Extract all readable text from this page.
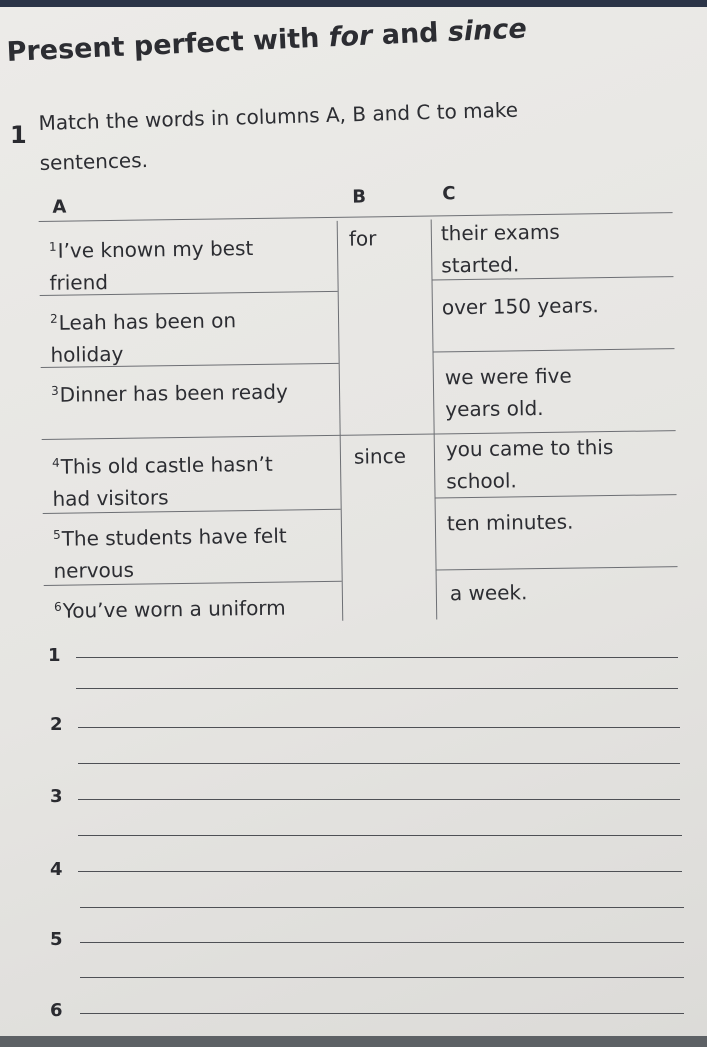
Present perfect with for and since
1
Match the words in columns A, B and C to make sentences.
A	B	C
$^1$I’ve known my best
friend
$^2$Leah has been on
holiday
$^3$Dinner has been ready
$^4$This old castle hasn’t
had visitors
$^5$The students have felt
nervous
$^6$You’ve worn a uniform
for
since
their exams
started.
over 150 years.
we were five
years old.
you came to this
school.
ten minutes.
a week.
1
2
3
4
5
6
